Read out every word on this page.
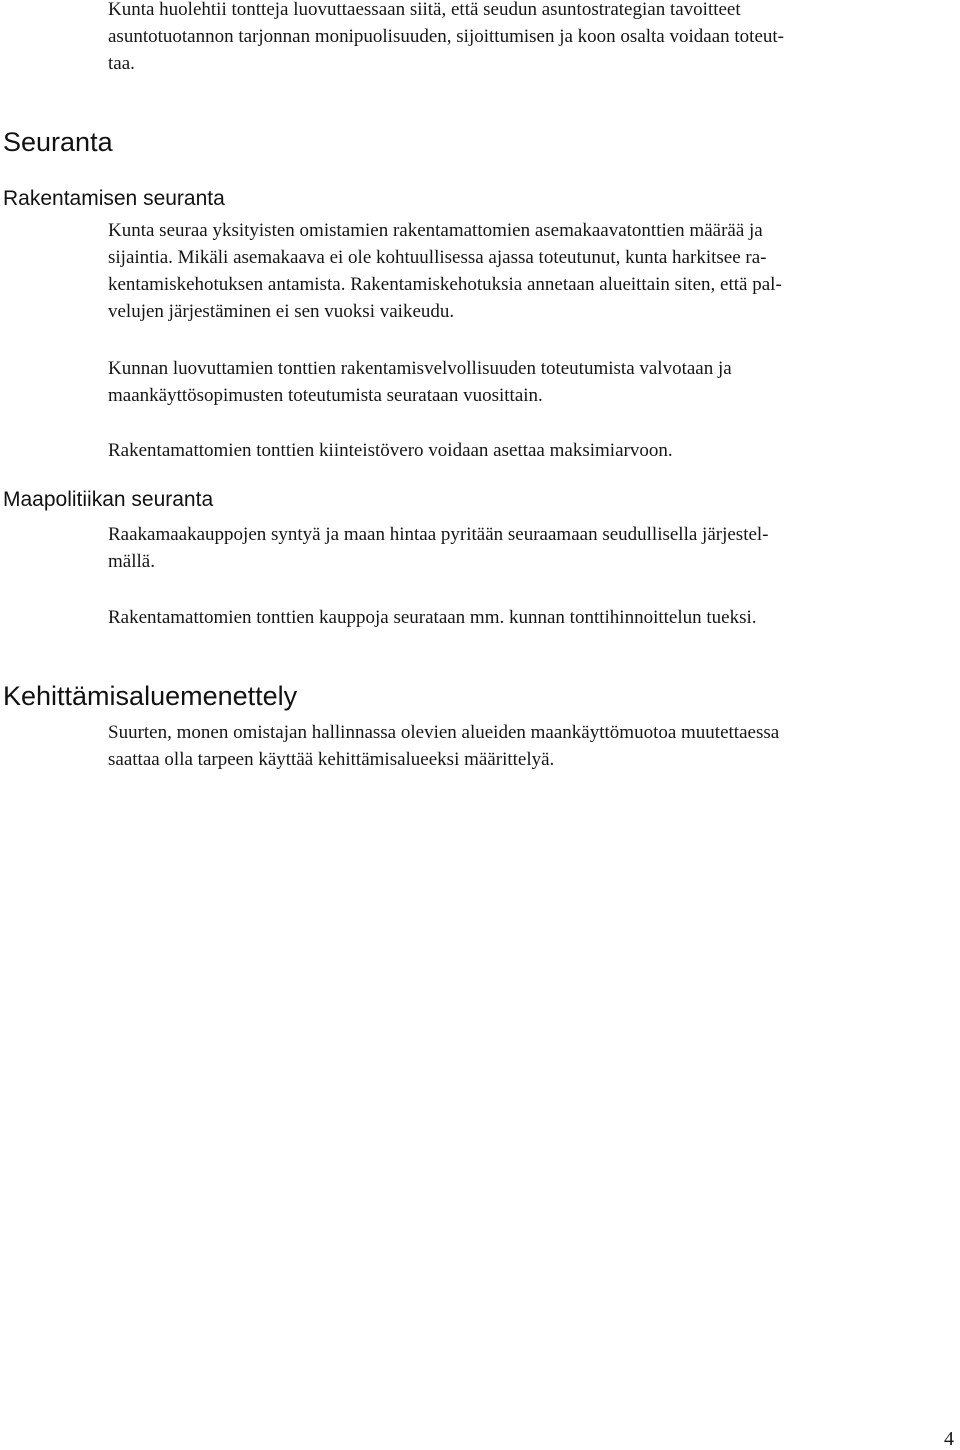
Kunta huolehtii tontteja luovuttaessaan siitä, että seudun asuntostrategian tavoitteet
asuntotuotannon tarjonnan monipuolisuuden, sijoittumisen ja koon osalta voidaan toteut-
taa.

Seuranta
Rakentamisen seuranta

Kunta seuraa yksityisten omistamien rakentamattomien asemakaavatonttien määrää ja
sijaintia. Mikäli asemakaava ei ole kohtuullisessa ajassa toteutunut, kunta harkitsee ra-
kentamiskehotuksen antamista. Rakentamiskehotuksia annetaan alueittain siten, että pal-
velujen järjestäminen ei sen vuoksi vaikeudu.

Kunnan luovuttamien tonttien rakentamisvelvollisuuden toteutumista valvotaan ja
maankäyttösopimusten toteutumista seurataan vuosittain.

Rakentamattomien tonttien kiinteistövero voidaan asettaa maksimiarvoon.

Maapolitiikan seuranta

Raakamaakauppojen syntyä ja maan hintaa pyritään seuraamaan seudullisella järjestel-
mällä.

Rakentamattomien tonttien kauppoja seurataan mm. kunnan tonttihinnoittelun tueksi.

Kehittämisaluemenettely

Suurten, monen omistajan hallinnassa olevien alueiden maankäyttömuotoa muutettaessa
saattaa olla tarpeen käyttää kehittämisalueeksi määrittelyä.

4
